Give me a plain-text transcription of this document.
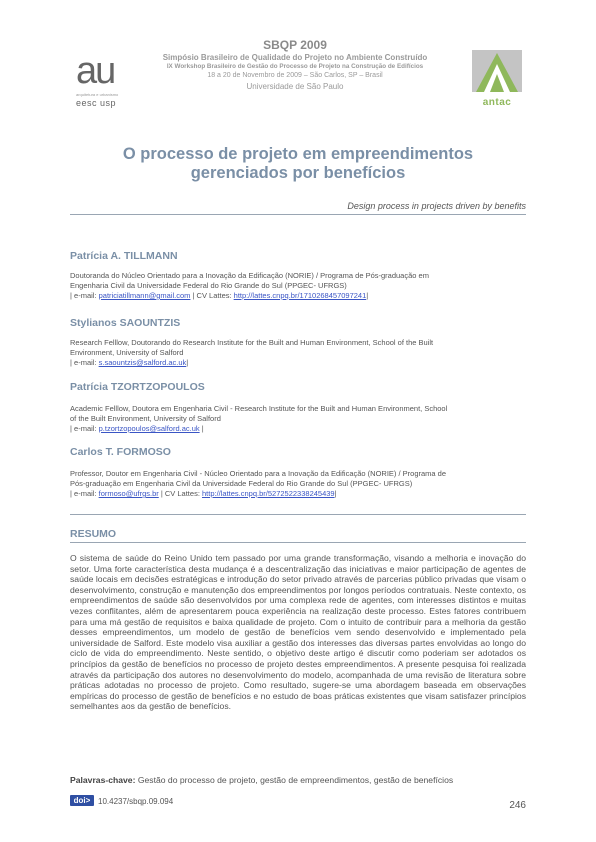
au
arquitetura e urbanismo
eesc usp
SBQP 2009
Simpósio Brasileiro de Qualidade do Projeto no Ambiente Construído
IX Workshop Brasileiro de Gestão do Processo de Projeto na Construção de Edifícios
18 a 20 de Novembro de 2009 – São Carlos, SP – Brasil
Universidade de São Paulo
antac
O processo de projeto em empreendimentos
gerenciados por benefícios
Design process in projects driven by benefits
Patrícia A. TILLMANN
Doutoranda do Núcleo Orientado para a Inovação da Edificação (NORIE) / Programa de Pós-graduação em
Engenharia Civil da Universidade Federal do Rio Grande do Sul (PPGEC- UFRGS)
| e-mail: patriciatillmann@gmail.com | CV Lattes: http://lattes.cnpq.br/1710268457097241|
Stylianos SAOUNTZIS
Research Felllow, Doutorando do Research Institute for the Built and Human Environment, School of the Built
Environment, University of Salford
| e-mail: s.saountzis@salford.ac.uk|
Patrícia TZORTZOPOULOS
Academic Felllow, Doutora em Engenharia Civil - Research Institute for the Built and Human Environment, School
of the Built Environment, University of Salford
| e-mail: p.tzortzopoulos@salford.ac.uk |
Carlos T. FORMOSO
Professor, Doutor em Engenharia Civil - Núcleo Orientado para a Inovação da Edificação (NORIE) / Programa de
Pós-graduação em Engenharia Civil da Universidade Federal do Rio Grande do Sul (PPGEC- UFRGS)
| e-mail: formoso@ufrgs.br | CV Lattes: http://lattes.cnpq.br/5272522338245439|
RESUMO
O sistema de saúde do Reino Unido tem passado por uma grande transformação, visando a melhoria e inovação do setor. Uma forte característica desta mudança é a descentralização das iniciativas e maior participação de agentes de saúde locais em decisões estratégicas e introdução do setor privado através de parcerias público privadas que visam o desenvolvimento, construção e manutenção dos empreendimentos por longos períodos contratuais. Neste contexto, os empreendimentos de saúde são desenvolvidos por uma complexa rede de agentes, com interesses distintos e muitas vezes conflitantes, além de apresentarem pouca experiência na realização deste processo. Estes fatores contribuem para uma má gestão de requisitos e baixa qualidade de projeto. Com o intuito de contribuir para a melhoria da gestão desses empreendimentos, um modelo de gestão de benefícios vem sendo desenvolvido e implementado pela universidade de Salford. Este modelo visa auxiliar a gestão dos interesses das diversas partes envolvidas ao longo do ciclo de vida do empreendimento. Neste sentido, o objetivo deste artigo é discutir como poderiam ser adotados os princípios da gestão de benefícios no processo de projeto destes empreendimentos. A presente pesquisa foi realizada através da participação dos autores no desenvolvimento do modelo, acompanhada de uma revisão de literatura sobre práticas adotadas no processo de projeto. Como resultado, sugere-se uma abordagem baseada em observações empíricas do processo de gestão de benefícios e no estudo de boas práticas existentes que visam satisfazer princípios semelhantes aos da gestão de benefícios.
Palavras-chave: Gestão do processo de projeto, gestão de empreendimentos, gestão de benefícios
doi> 10.4237/sbqp.09.094	246
